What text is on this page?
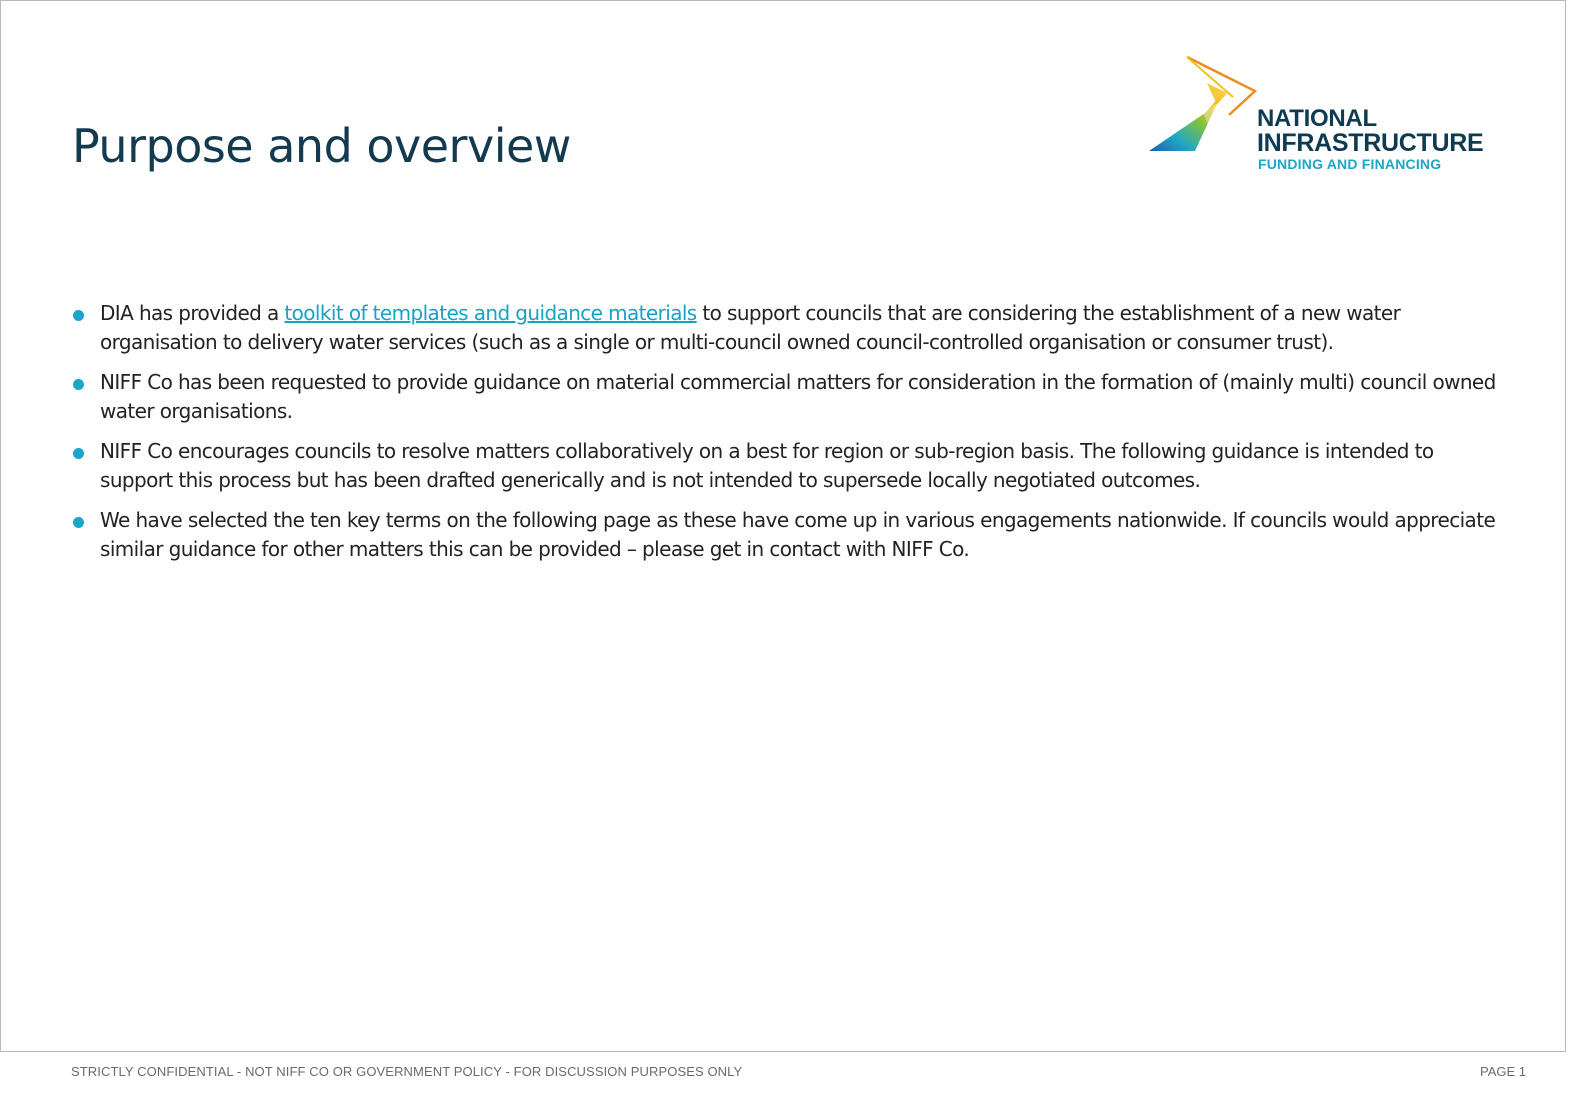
Purpose and overview
NATIONAL
INFRASTRUCTURE
FUNDING AND FINANCING
DIA has provided a toolkit of templates and guidance materials to support councils that are considering the establishment of a new water organisation to delivery water services (such as a single or multi-council owned council-controlled organisation or consumer trust).
NIFF Co has been requested to provide guidance on material commercial matters for consideration in the formation of (mainly multi) council owned water organisations.
NIFF Co encourages councils to resolve matters collaboratively on a best for region or sub-region basis. The following guidance is intended to support this process but has been drafted generically and is not intended to supersede locally negotiated outcomes.
We have selected the ten key terms on the following page as these have come up in various engagements nationwide. If councils would appreciate similar guidance for other matters this can be provided – please get in contact with NIFF Co.
STRICTLY CONFIDENTIAL - NOT NIFF CO OR GOVERNMENT POLICY - FOR DISCUSSION PURPOSES ONLY	PAGE 1
